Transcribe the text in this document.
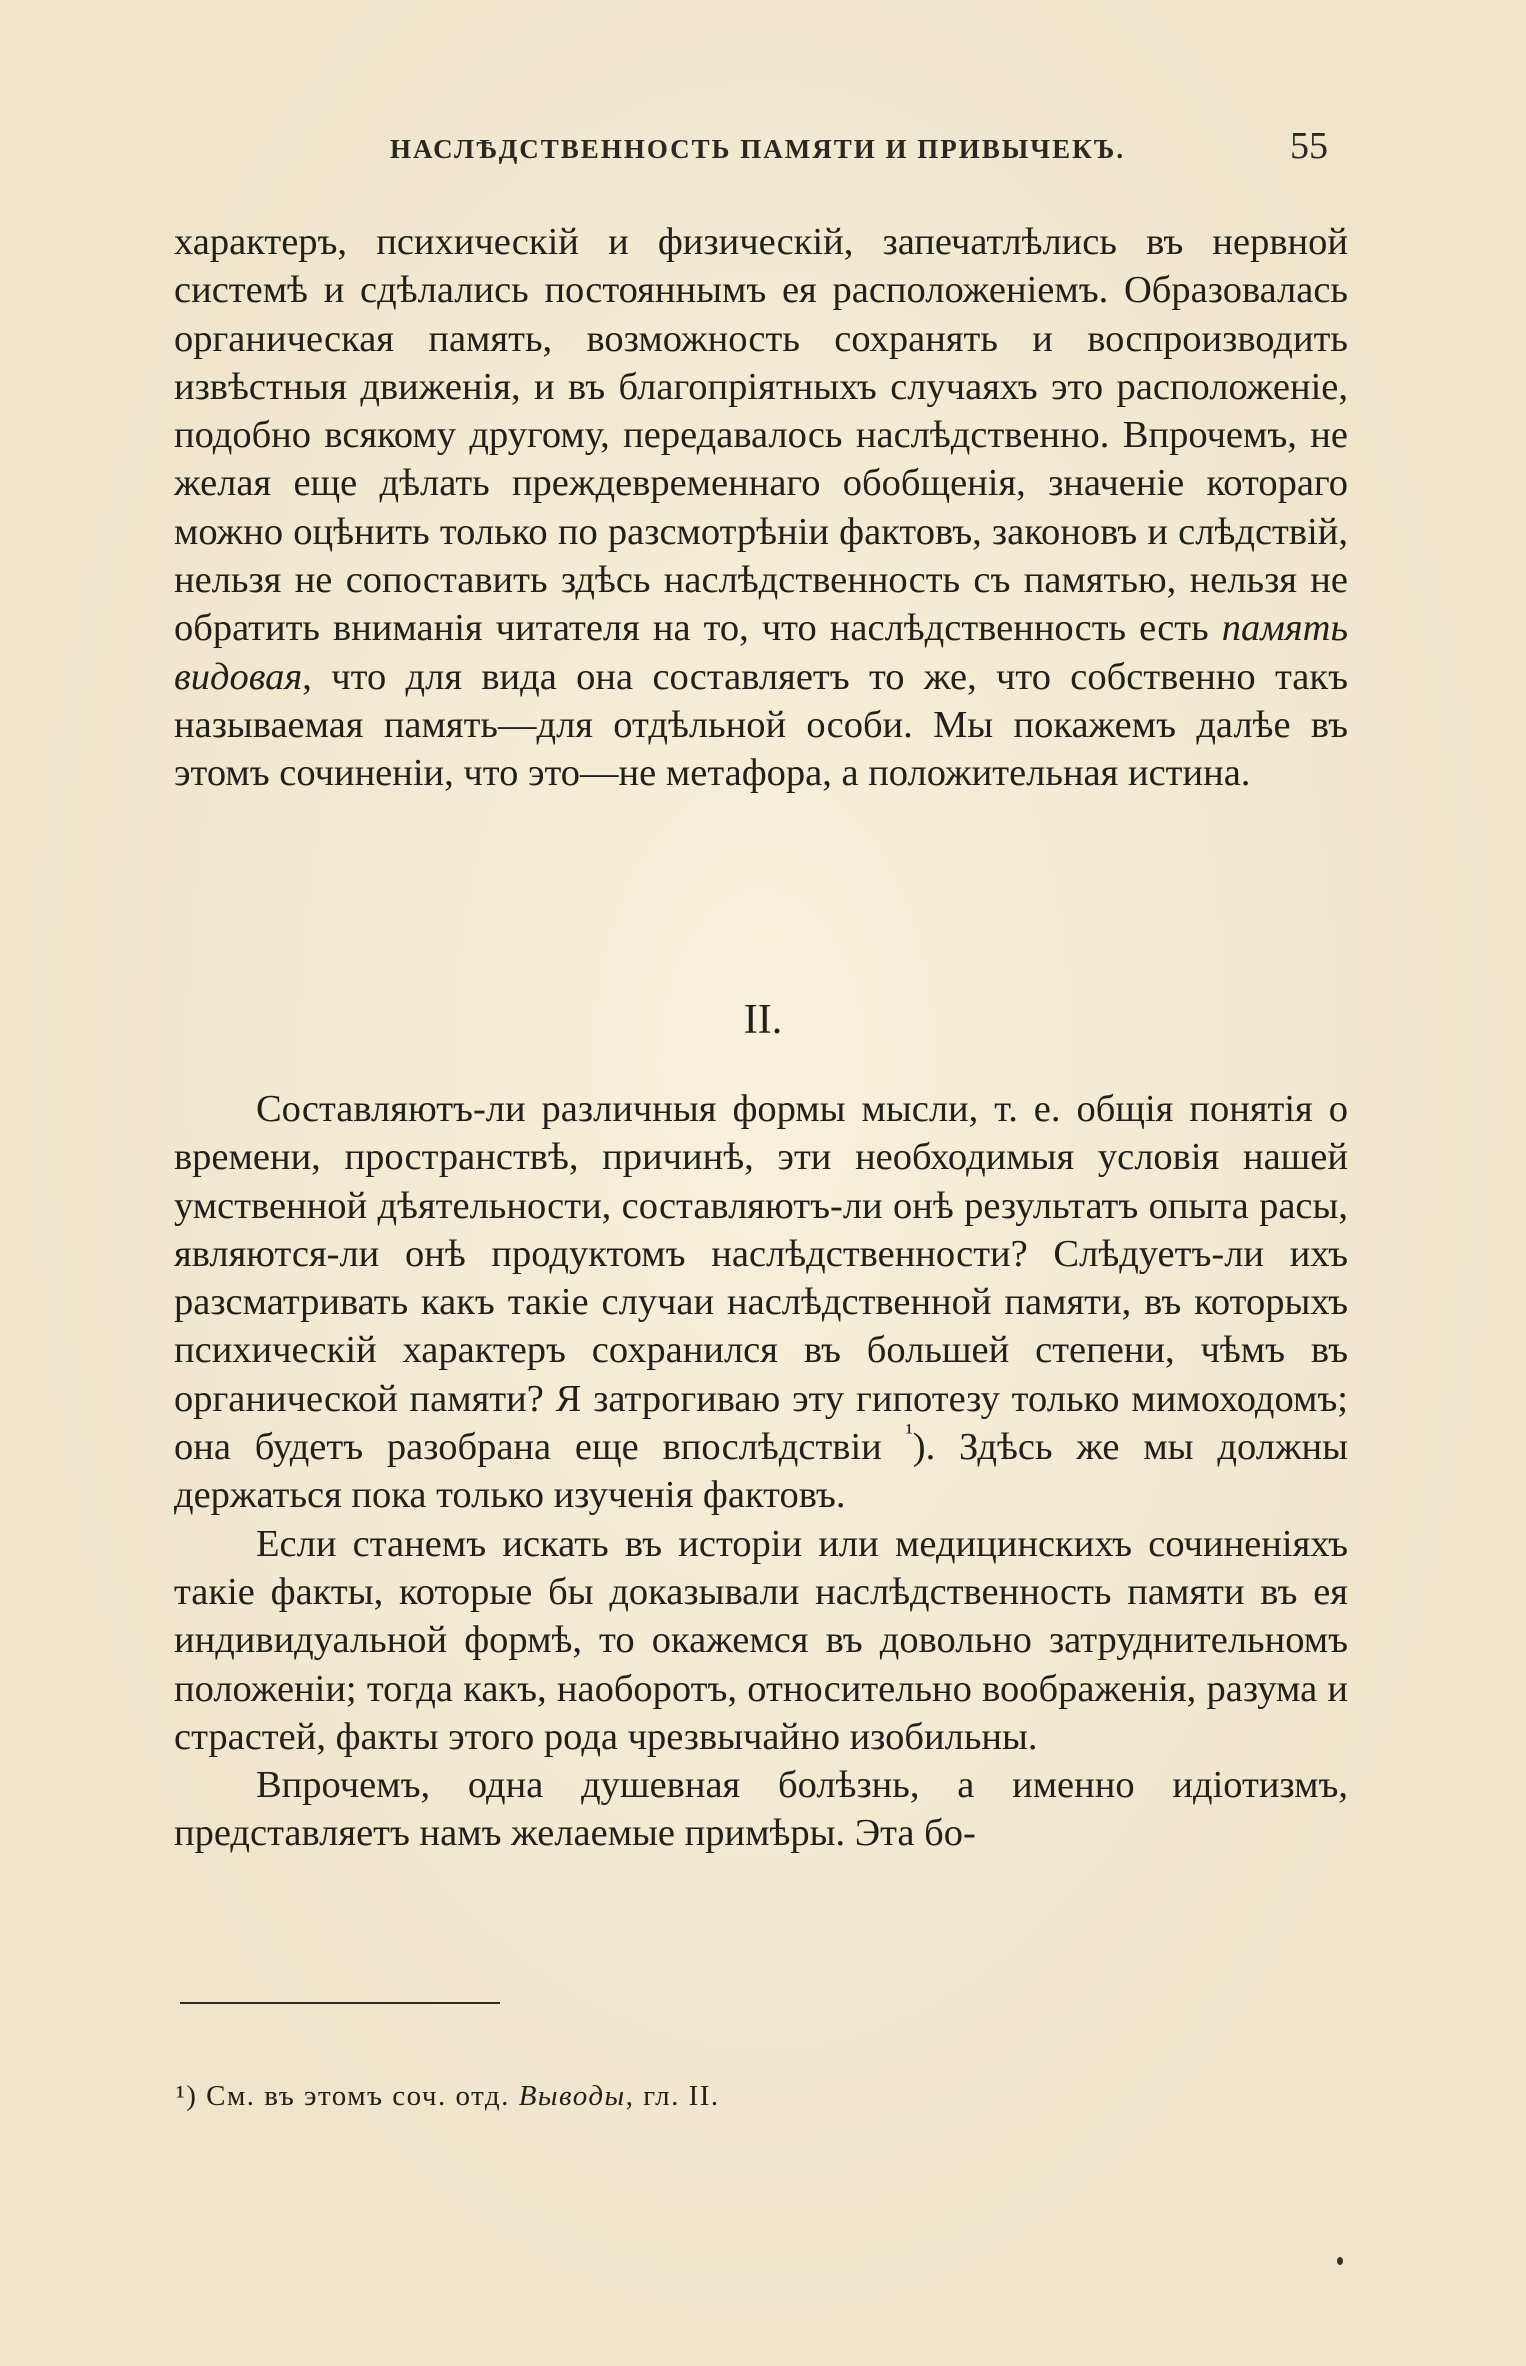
НАСЛѢДСТВЕННОСТЬ ПАМЯТИ И ПРИВЫЧЕКЪ.	55

характеръ, психическій и физическій, запечатлѣлись въ нервной системѣ и сдѣлались постояннымъ ея расположеніемъ. Образовалась органическая память, возможность сохранять и воспроизводить извѣстныя движенія, и въ благопріятныхъ случаяхъ это расположеніе, подобно всякому другому, передавалось наслѣдственно. Впрочемъ, не желая еще дѣлать преждевременнаго обобщенія, значеніе котораго можно оцѣнить только по разсмотрѣніи фактовъ, законовъ и слѣдствій, нельзя не сопоставить здѣсь наслѣдственность съ памятью, нельзя не обратить вниманія читателя на то, что наслѣдственность есть память видовая, что для вида она составляетъ то же, что собственно такъ называемая память—для отдѣльной особи. Мы покажемъ далѣе въ этомъ сочиненіи, что это—не метафора, а положительная истина.

II.

Составляютъ-ли различныя формы мысли, т. е. общія понятія о времени, пространствѣ, причинѣ, эти необходимыя условія нашей умственной дѣятельности, составляютъ-ли онѣ результатъ опыта расы, являются-ли онѣ продуктомъ наслѣдственности? Слѣдуетъ-ли ихъ разсматривать какъ такіе случаи наслѣдственной памяти, въ которыхъ психическій характеръ сохранился въ большей степени, чѣмъ въ органической памяти? Я затрогиваю эту гипотезу только мимоходомъ; она будетъ разобрана еще впослѣдствіи $^{^1}$). Здѣсь же мы должны держаться пока только изученія фактовъ.

Если станемъ искать въ исторіи или медицинскихъ сочиненіяхъ такіе факты, которые бы доказывали наслѣдственность памяти въ ея индивидуальной формѣ, то окажемся въ довольно затруднительномъ положеніи; тогда какъ, наоборотъ, относительно воображенія, разума и страстей, факты этого рода чрезвычайно изобильны.

Впрочемъ, одна душевная болѣзнь, а именно идіотизмъ, представляетъ намъ желаемые примѣры. Эта бо-

¹) См. въ этомъ соч. отд. Выводы, гл. II.
